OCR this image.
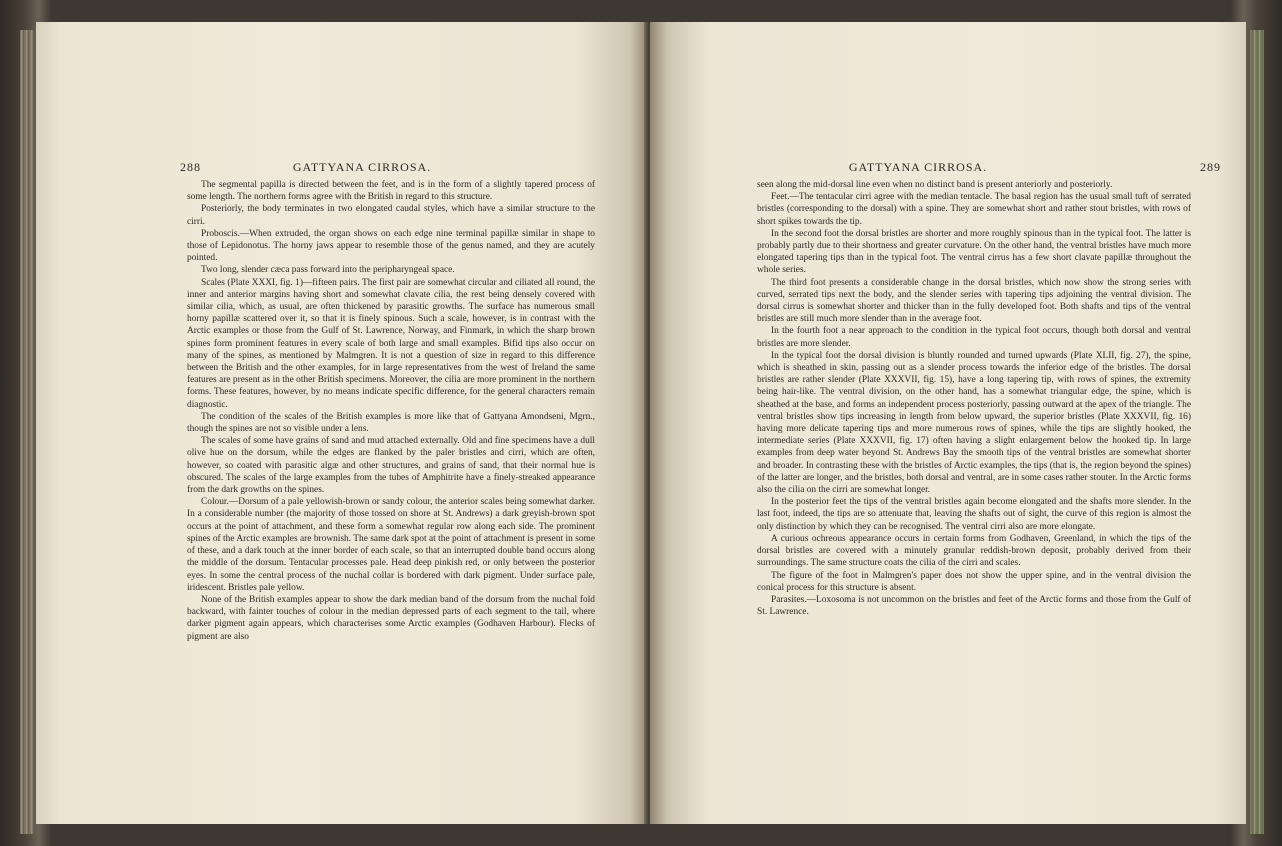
288	GATTYANA CIRROSA.

The segmental papilla is directed between the feet, and is in the form of a slightly tapered process of some length. The northern forms agree with the British in regard to this structure.

Posteriorly, the body terminates in two elongated caudal styles, which have a similar structure to the cirri.

Proboscis.—When extruded, the organ shows on each edge nine terminal papillæ similar in shape to those of Lepidonotus. The horny jaws appear to resemble those of the genus named, and they are acutely pointed.

Two long, slender cæca pass forward into the peripharyngeal space.

Scales (Plate XXXI, fig. 1)—fifteen pairs. The first pair are somewhat circular and ciliated all round, the inner and anterior margins having short and somewhat clavate cilia, the rest being densely covered with similar cilia, which, as usual, are often thickened by parasitic growths. The surface has numerous small horny papillæ scattered over it, so that it is finely spinous. Such a scale, however, is in contrast with the Arctic examples or those from the Gulf of St. Lawrence, Norway, and Finmark, in which the sharp brown spines form prominent features in every scale of both large and small examples. Bifid tips also occur on many of the spines, as mentioned by Malmgren. It is not a question of size in regard to this difference between the British and the other examples, for in large representatives from the west of Ireland the same features are present as in the other British specimens. Moreover, the cilia are more prominent in the northern forms. These features, however, by no means indicate specific difference, for the general characters remain diagnostic.

The condition of the scales of the British examples is more like that of Gattyana Amondseni, Mgrn., though the spines are not so visible under a lens.

The scales of some have grains of sand and mud attached externally. Old and fine specimens have a dull olive hue on the dorsum, while the edges are flanked by the paler bristles and cirri, which are often, however, so coated with parasitic algæ and other structures, and grains of sand, that their normal hue is obscured. The scales of the large examples from the tubes of Amphitrite have a finely-streaked appearance from the dark growths on the spines.

Colour.—Dorsum of a pale yellowish-brown or sandy colour, the anterior scales being somewhat darker. In a considerable number (the majority of those tossed on shore at St. Andrews) a dark greyish-brown spot occurs at the point of attachment, and these form a somewhat regular row along each side. The prominent spines of the Arctic examples are brownish. The same dark spot at the point of attachment is present in some of these, and a dark touch at the inner border of each scale, so that an interrupted double band occurs along the middle of the dorsum. Tentacular processes pale. Head deep pinkish red, or only between the posterior eyes. In some the central process of the nuchal collar is bordered with dark pigment. Under surface pale, iridescent. Bristles pale yellow.

None of the British examples appear to show the dark median band of the dorsum from the nuchal fold backward, with fainter touches of colour in the median depressed parts of each segment to the tail, where darker pigment again appears, which characterises some Arctic examples (Godhaven Harbour). Flecks of pigment are also

GATTYANA CIRROSA.	289

seen along the mid-dorsal line even when no distinct band is present anteriorly and posteriorly.

Feet.—The tentacular cirri agree with the median tentacle. The basal region has the usual small tuft of serrated bristles (corresponding to the dorsal) with a spine. They are somewhat short and rather stout bristles, with rows of short spikes towards the tip.

In the second foot the dorsal bristles are shorter and more roughly spinous than in the typical foot. The latter is probably partly due to their shortness and greater curvature. On the other hand, the ventral bristles have much more elongated tapering tips than in the typical foot. The ventral cirrus has a few short clavate papillæ throughout the whole series.

The third foot presents a considerable change in the dorsal bristles, which now show the strong series with curved, serrated tips next the body, and the slender series with tapering tips adjoining the ventral division. The dorsal cirrus is somewhat shorter and thicker than in the fully developed foot. Both shafts and tips of the ventral bristles are still much more slender than in the average foot.

In the fourth foot a near approach to the condition in the typical foot occurs, though both dorsal and ventral bristles are more slender.

In the typical foot the dorsal division is bluntly rounded and turned upwards (Plate XLII, fig. 27), the spine, which is sheathed in skin, passing out as a slender process towards the inferior edge of the bristles. The dorsal bristles are rather slender (Plate XXXVII, fig. 15), have a long tapering tip, with rows of spines, the extremity being hair-like. The ventral division, on the other hand, has a somewhat triangular edge, the spine, which is sheathed at the base, and forms an independent process posteriorly, passing outward at the apex of the triangle. The ventral bristles show tips increasing in length from below upward, the superior bristles (Plate XXXVII, fig. 16) having more delicate tapering tips and more numerous rows of spines, while the tips are slightly hooked, the intermediate series (Plate XXXVII, fig. 17) often having a slight enlargement below the hooked tip. In large examples from deep water beyond St. Andrews Bay the smooth tips of the ventral bristles are somewhat shorter and broader. In contrasting these with the bristles of Arctic examples, the tips (that is, the region beyond the spines) of the latter are longer, and the bristles, both dorsal and ventral, are in some cases rather stouter. In the Arctic forms also the cilia on the cirri are somewhat longer.

In the posterior feet the tips of the ventral bristles again become elongated and the shafts more slender. In the last foot, indeed, the tips are so attenuate that, leaving the shafts out of sight, the curve of this region is almost the only distinction by which they can be recognised. The ventral cirri also are more elongate.

A curious ochreous appearance occurs in certain forms from Godhaven, Greenland, in which the tips of the dorsal bristles are covered with a minutely granular reddish-brown deposit, probably derived from their surroundings. The same structure coats the cilia of the cirri and scales.

The figure of the foot in Malmgren's paper does not show the upper spine, and in the ventral division the conical process for this structure is absent.

Parasites.—Loxosoma is not uncommon on the bristles and feet of the Arctic forms and those from the Gulf of St. Lawrence.
